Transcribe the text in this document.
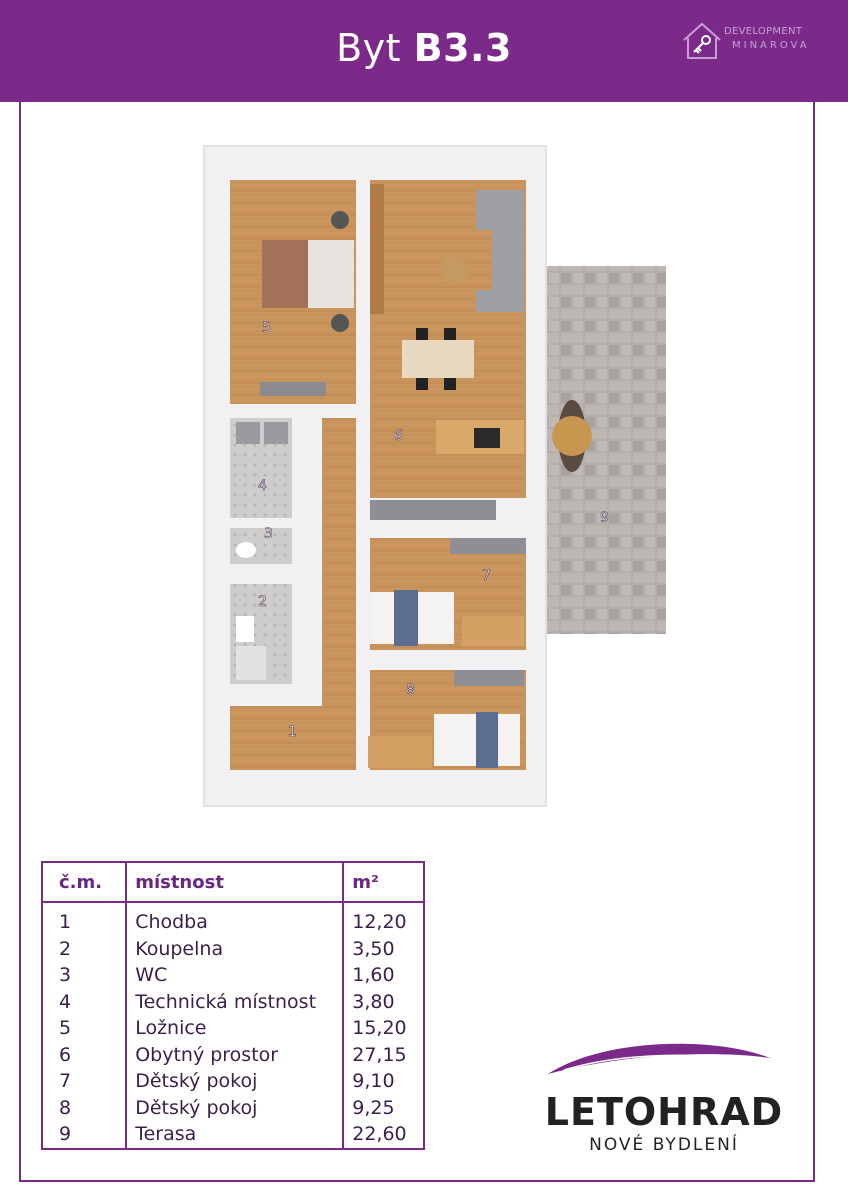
Byt B3.3	DEVELOPMENT
MINAROVA
1
2
3
4
5
6
7
8
9
č.m.	místnost	m²
1	Chodba	12,20
2	Koupelna	3,50
3	WC	1,60
4	Technická místnost	3,80
5	Ložnice	15,20
6	Obytný prostor	27,15
7	Dětský pokoj	9,10
8	Dětský pokoj	9,25
9	Terasa	22,60
LETOHRAD
NOVÉ BYDLENÍ
